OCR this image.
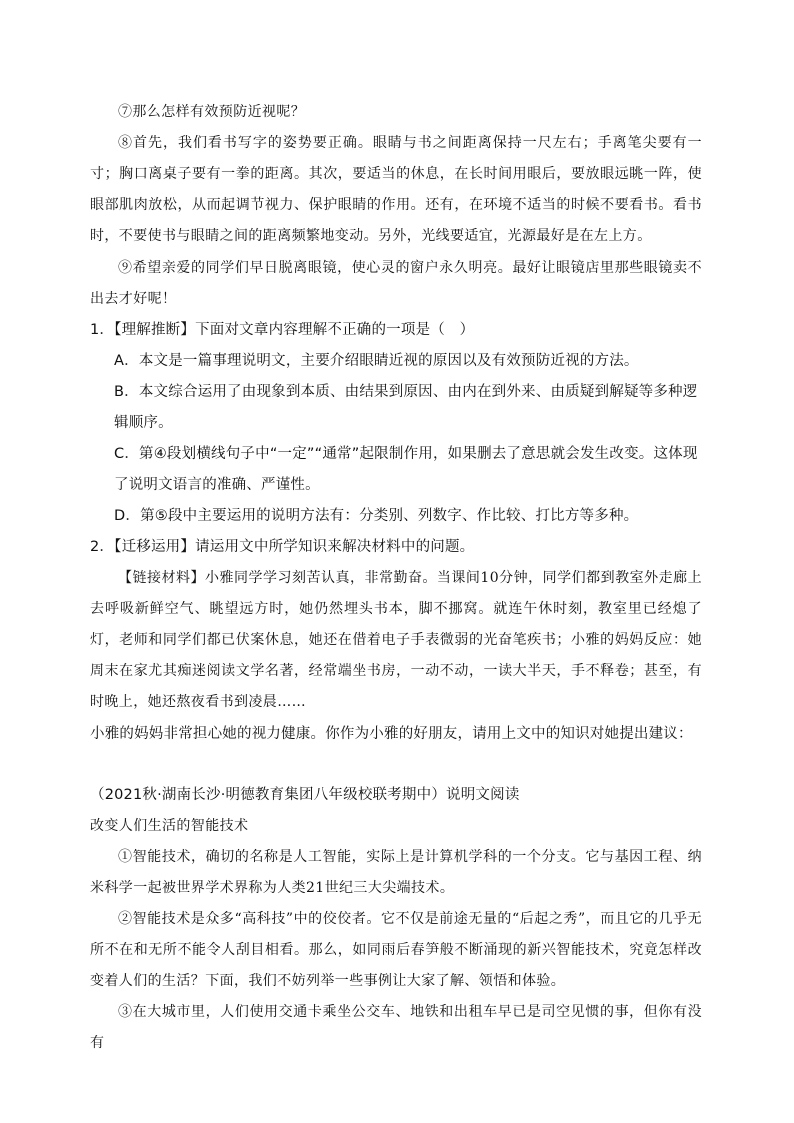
⑦那么怎样有效预防近视呢？

⑧首先，我们看书写字的姿势要正确。眼睛与书之间距离保持一尺左右；手离笔尖要有一寸；胸口离桌子要有一拳的距离。其次，要适当的休息，在长时间用眼后，要放眼远眺一阵，使眼部肌肉放松，从而起调节视力、保护眼睛的作用。还有，在环境不适当的时候不要看书。看书时，不要使书与眼睛之间的距离频繁地变动。另外，光线要适宜，光源最好是在左上方。

⑨希望亲爱的同学们早日脱离眼镜，使心灵的窗户永久明亮。最好让眼镜店里那些眼镜卖不出去才好呢！

1．【理解推断】下面对文章内容理解不正确的一项是（　）

A．本文是一篇事理说明文，主要介绍眼睛近视的原因以及有效预防近视的方法。

B．本文综合运用了由现象到本质、由结果到原因、由内在到外来、由质疑到解疑等多种逻辑顺序。

C．第④段划横线句子中“一定”“通常”起限制作用，如果删去了意思就会发生改变。这体现了说明文语言的准确、严谨性。

D．第⑤段中主要运用的说明方法有：分类别、列数字、作比较、打比方等多种。

2．【迁移运用】请运用文中所学知识来解决材料中的问题。

【链接材料】小雅同学学习刻苦认真，非常勤奋。当课间10分钟，同学们都到教室外走廊上去呼吸新鲜空气、眺望远方时，她仍然埋头书本，脚不挪窝。就连午休时刻，教室里已经熄了灯，老师和同学们都已伏案休息，她还在借着电子手表微弱的光奋笔疾书；小雅的妈妈反应：她周末在家尤其痴迷阅读文学名著，经常端坐书房，一动不动，一读大半天，手不释卷；甚至，有时晚上，她还熬夜看书到凌晨……

小雅的妈妈非常担心她的视力健康。你作为小雅的好朋友，请用上文中的知识对她提出建议：

（2021秋·湖南长沙·明德教育集团八年级校联考期中）说明文阅读

改变人们生活的智能技术

①智能技术，确切的名称是人工智能，实际上是计算机学科的一个分支。它与基因工程、纳米科学一起被世界学术界称为人类21世纪三大尖端技术。

②智能技术是众多“高科技”中的佼佼者。它不仅是前途无量的“后起之秀”，而且它的几乎无所不在和无所不能令人刮目相看。那么，如同雨后春笋般不断涌现的新兴智能技术，究竟怎样改变着人们的生活？下面，我们不妨列举一些事例让大家了解、领悟和体验。

③在大城市里，人们使用交通卡乘坐公交车、地铁和出租车早已是司空见惯的事，但你有没有
